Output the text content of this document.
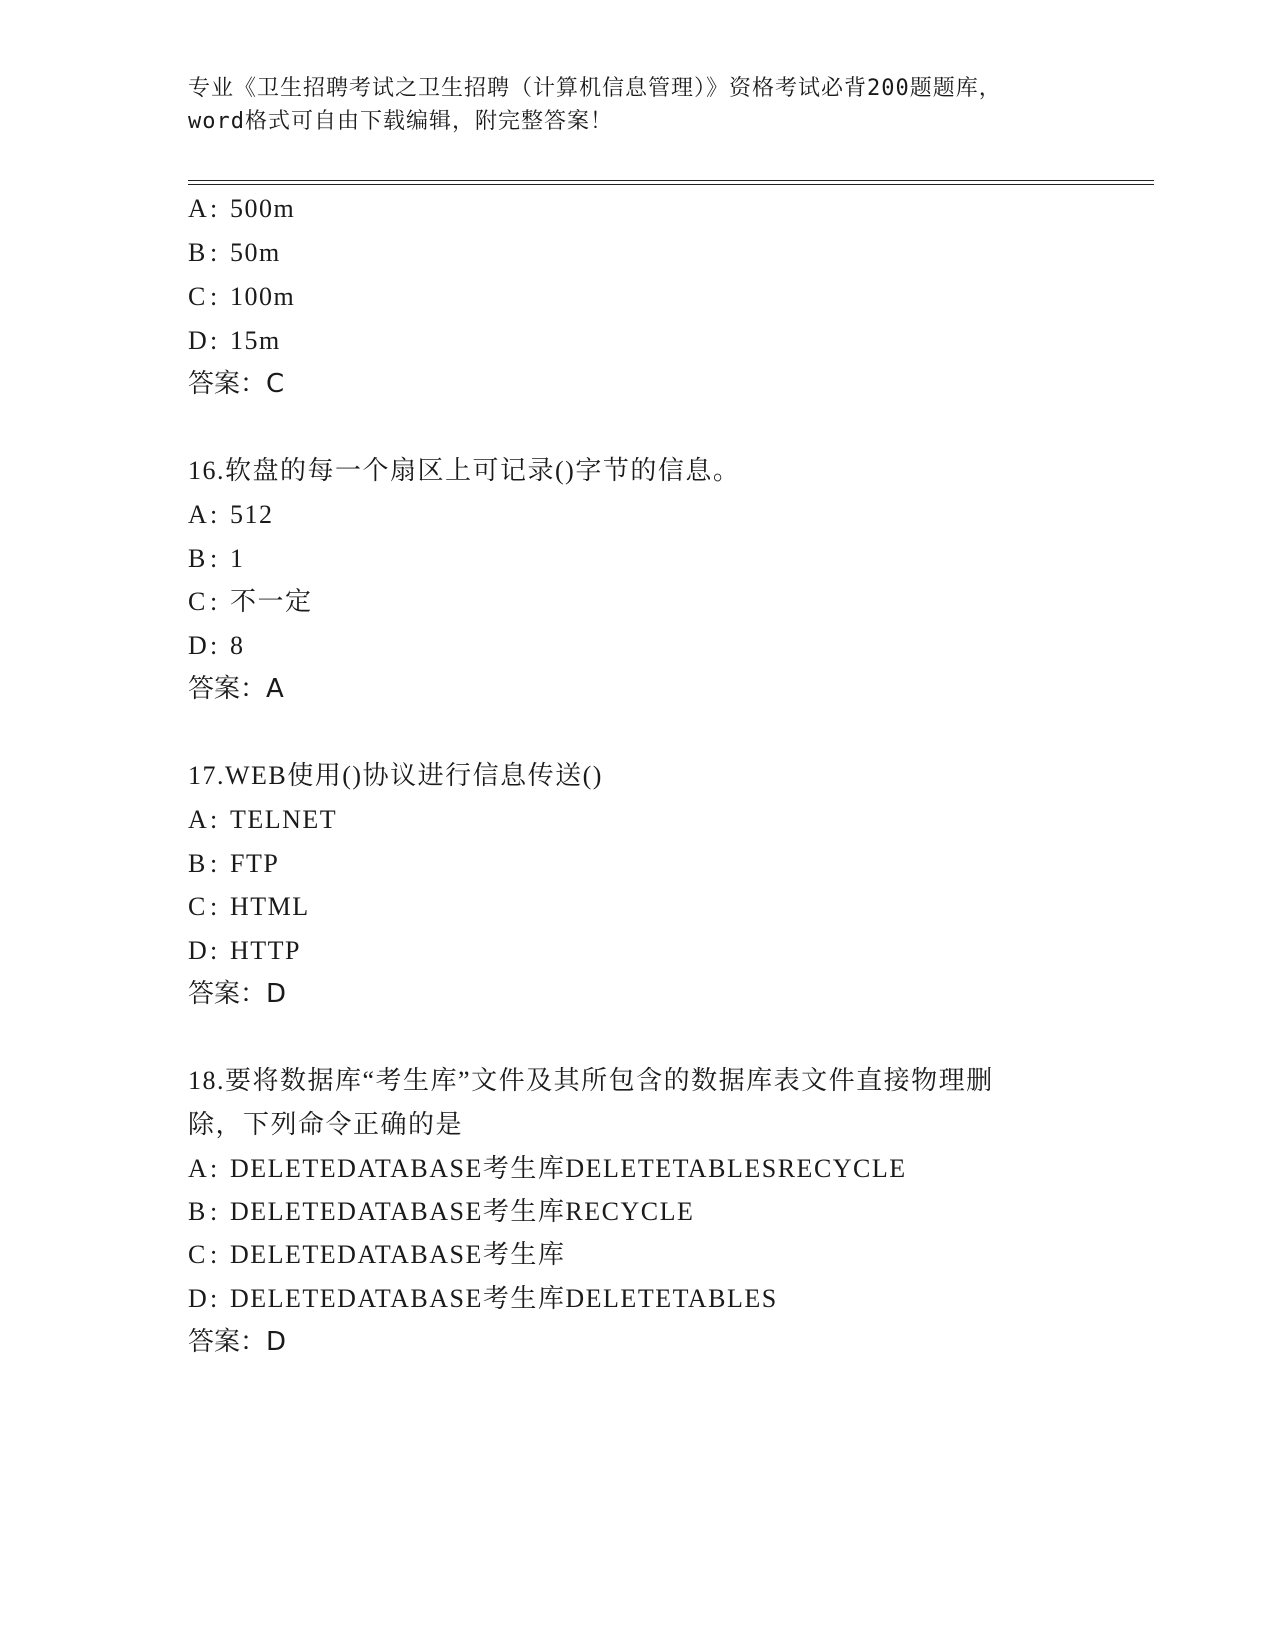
专业《卫生招聘考试之卫生招聘（计算机信息管理）》资格考试必背200题题库，
word格式可自由下载编辑，附完整答案！
A: 500m
B : 50m
C : 100m
D: 15m
答案：C
16.软盘的每一个扇区上可记录()字节的信息。
A: 512
B : 1
C : 不一定
D: 8
答案：A
17.WEB使用()协议进行信息传送()
A: TELNET
B : FTP
C : HTML
D: HTTP
答案：D
18.要将数据库“考生库”文件及其所包含的数据库表文件直接物理删
除，下列命令正确的是
A: DELETEDATABASE考生库DELETETABLESRECYCLE
B : DELETEDATABASE考生库RECYCLE
C : DELETEDATABASE考生库
D: DELETEDATABASE考生库DELETETABLES
答案：D
